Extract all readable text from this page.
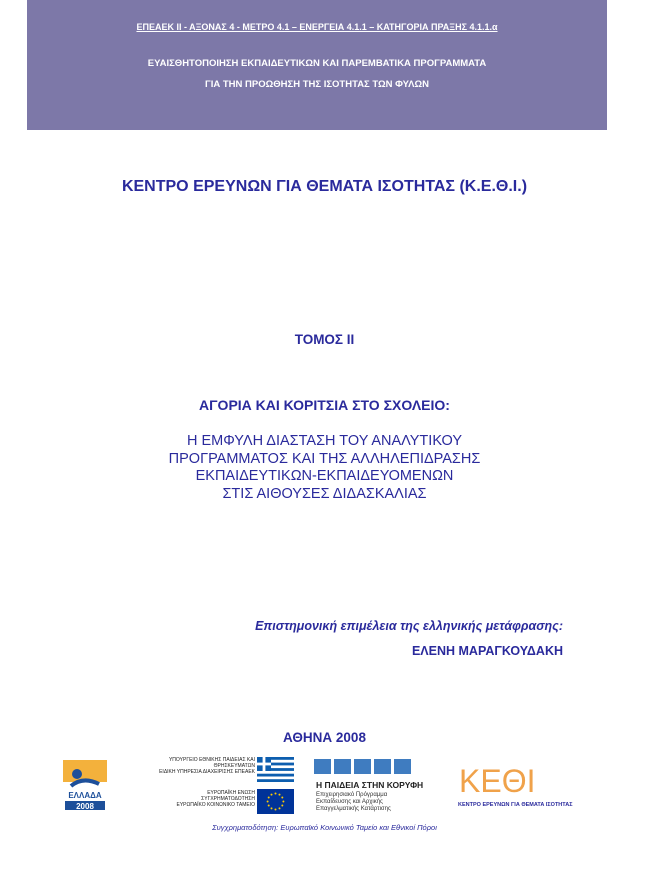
ΕΠΕΑΕΚ ΙΙ - ΑΞΟΝΑΣ 4 - ΜΕΤΡΟ 4.1 – ΕΝΕΡΓΕΙΑ 4.1.1 – ΚΑΤΗΓΟΡΙΑ ΠΡΑΞΗΣ 4.1.1.α
ΕΥΑΙΣΘΗΤΟΠΟΙΗΣΗ ΕΚΠΑΙΔΕΥΤΙΚΩΝ ΚΑΙ ΠΑΡΕΜΒΑΤΙΚΑ ΠΡΟΓΡΑΜΜΑΤΑ
ΓΙΑ ΤΗΝ ΠΡΟΩΘΗΣΗ ΤΗΣ ΙΣΟΤΗΤΑΣ ΤΩΝ ΦΥΛΩΝ
ΚΕΝΤΡΟ ΕΡΕΥΝΩΝ ΓΙΑ ΘΕΜΑΤΑ ΙΣΟΤΗΤΑΣ (Κ.Ε.Θ.Ι.)
ΤΟΜΟΣ ΙΙ
ΑΓΟΡΙΑ ΚΑΙ ΚΟΡΙΤΣΙΑ ΣΤΟ ΣΧΟΛΕΙΟ:
Η ΕΜΦΥΛΗ ΔΙΑΣΤΑΣΗ ΤΟΥ ΑΝΑΛΥΤΙΚΟΥ
ΠΡΟΓΡΑΜΜΑΤΟΣ ΚΑΙ ΤΗΣ ΑΛΛΗΛΕΠΙΔΡΑΣΗΣ
ΕΚΠΑΙΔΕΥΤΙΚΩΝ-ΕΚΠΑΙΔΕΥΟΜΕΝΩΝ
ΣΤΙΣ ΑΙΘΟΥΣΕΣ ΔΙΔΑΣΚΑΛΙΑΣ
Επιστημονική επιμέλεια της ελληνικής μετάφρασης:
ΕΛΕΝΗ ΜΑΡΑΓΚΟΥΔΑΚΗ
ΑΘΗΝΑ 2008
ΕΛΛΑΔΑ
2008
ΥΠΟΥΡΓΕΙΟ ΕΘΝΙΚΗΣ ΠΑΙΔΕΙΑΣ ΚΑΙ ΘΡΗΣΚΕΥΜΑΤΩΝ
ΕΙΔΙΚΗ ΥΠΗΡΕΣΙΑ ΔΙΑΧΕΙΡΙΣΗΣ ΕΠΕΑΕΚ
ΕΥΡΩΠΑΪΚΗ ΕΝΩΣΗ
ΣΥΓΧΡΗΜΑΤΟΔΟΤΗΣΗ
ΕΥΡΩΠΑΪΚΟ ΚΟΙΝΩΝΙΚΟ ΤΑΜΕΙΟ
Η ΠΑΙΔΕΙΑ ΣΤΗΝ ΚΟΡΥΦΗ
Επιχειρησιακό Πρόγραμμα
Εκπαίδευσης και Αρχικής
Επαγγελματικής Κατάρτισης
ΚΕΘΙ
ΚΕΝΤΡΟ ΕΡΕΥΝΩΝ ΓΙΑ ΘΕΜΑΤΑ ΙΣΟΤΗΤΑΣ
Συγχρηματοδότηση: Ευρωπαϊκό Κοινωνικό Ταμείο και Εθνικοί Πόροι
